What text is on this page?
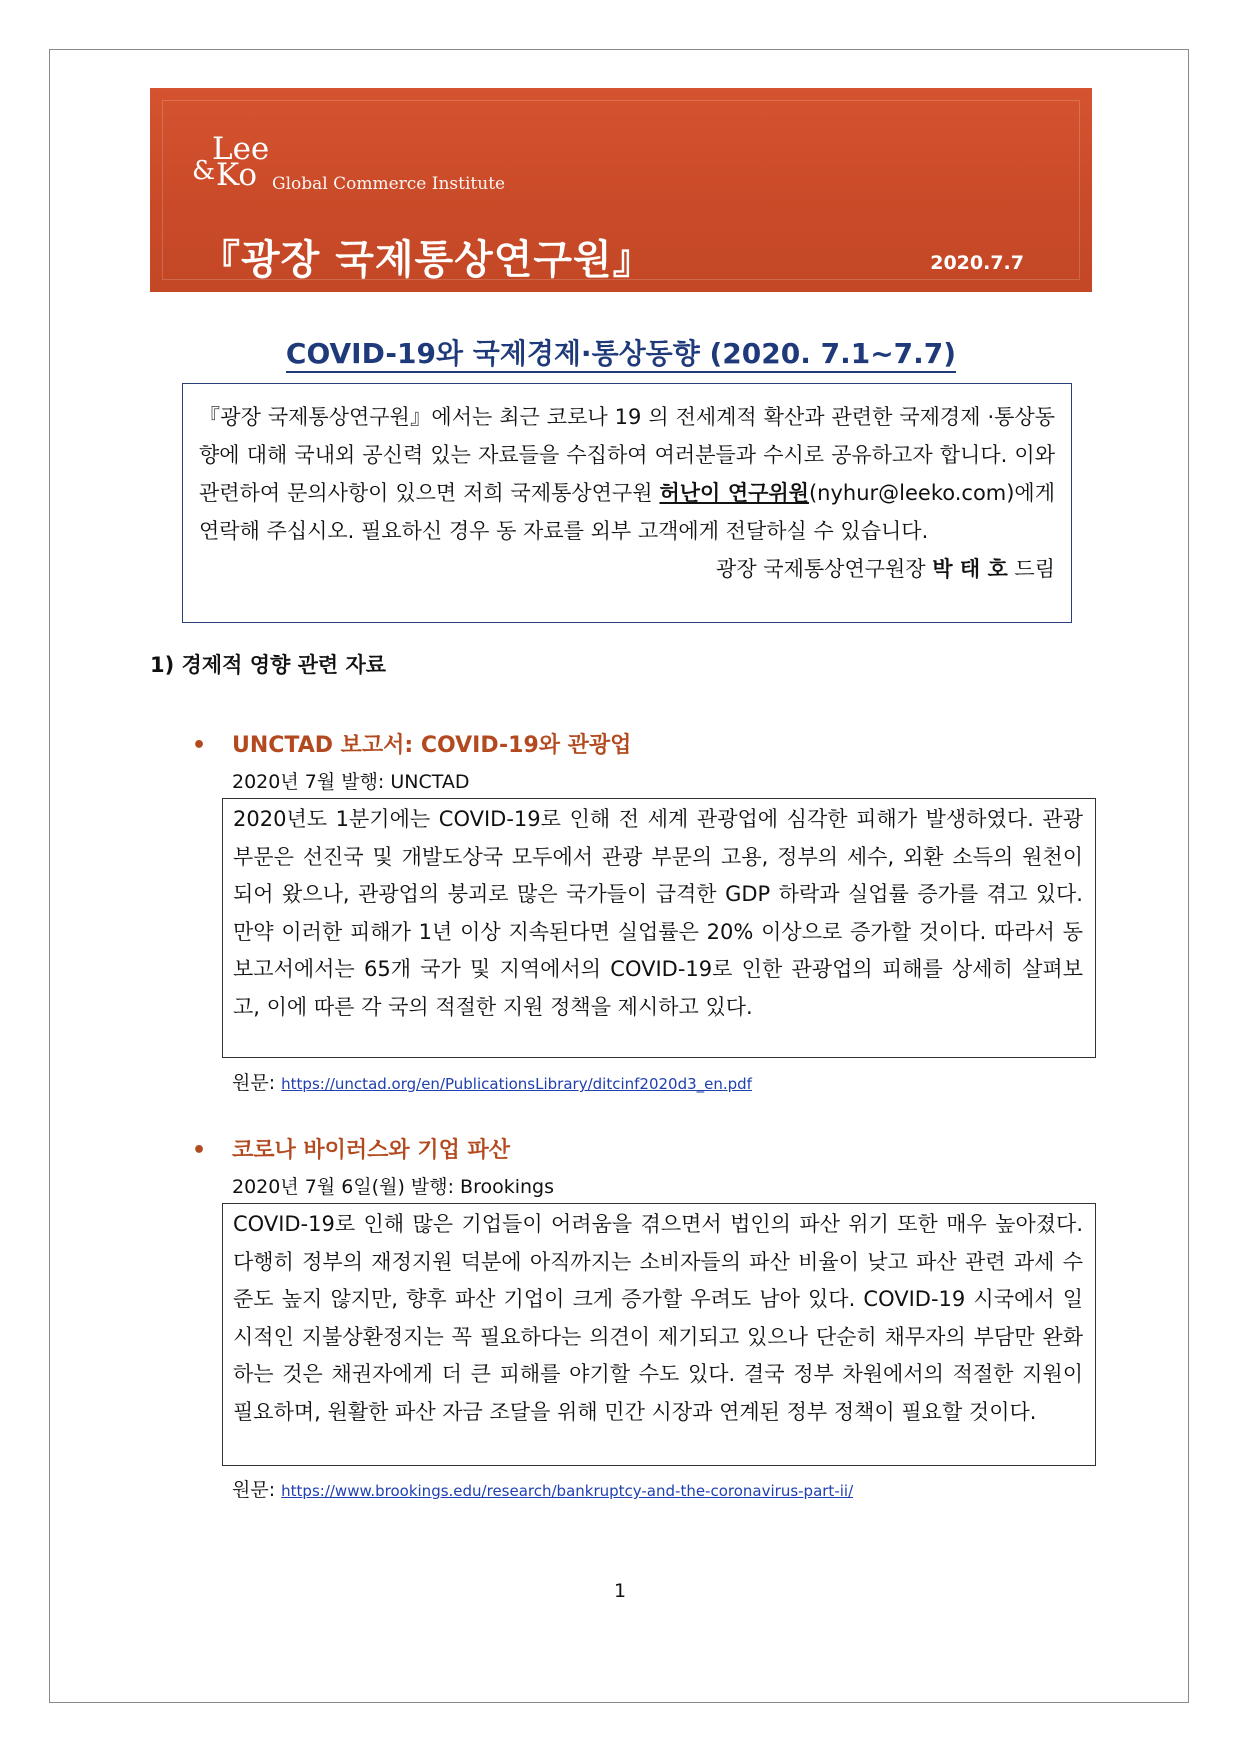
Lee
& Ko Global Commerce Institute
『광장 국제통상연구원』	2020.7.7
COVID-19와 국제경제·통상동향 (2020. 7.1~7.7)
『광장 국제통상연구원』에서는 최근 코로나 19 의 전세계적 확산과 관련한 국제경제 ·통상동향에 대해 국내외 공신력 있는 자료들을 수집하여 여러분들과 수시로 공유하고자 합니다. 이와 관련하여 문의사항이 있으면 저희 국제통상연구원 허난이 연구위원(nyhur@leeko.com)에게 연락해 주십시오. 필요하신 경우 동 자료를 외부 고객에게 전달하실 수 있습니다.
광장 국제통상연구원장 박 태 호 드림
1) 경제적 영향 관련 자료
• UNCTAD 보고서: COVID-19와 관광업
2020년 7월 발행: UNCTAD
2020년도 1분기에는 COVID-19로 인해 전 세계 관광업에 심각한 피해가 발생하였다. 관광 부문은 선진국 및 개발도상국 모두에서 관광 부문의 고용, 정부의 세수, 외환 소득의 원천이 되어 왔으나, 관광업의 붕괴로 많은 국가들이 급격한 GDP 하락과 실업률 증가를 겪고 있다. 만약 이러한 피해가 1년 이상 지속된다면 실업률은 20% 이상으로 증가할 것이다. 따라서 동 보고서에서는 65개 국가 및 지역에서의 COVID-19로 인한 관광업의 피해를 상세히 살펴보고, 이에 따른 각 국의 적절한 지원 정책을 제시하고 있다.
원문: https://unctad.org/en/PublicationsLibrary/ditcinf2020d3_en.pdf
• 코로나 바이러스와 기업 파산
2020년 7월 6일(월) 발행: Brookings
COVID-19로 인해 많은 기업들이 어려움을 겪으면서 법인의 파산 위기 또한 매우 높아졌다. 다행히 정부의 재정지원 덕분에 아직까지는 소비자들의 파산 비율이 낮고 파산 관련 과세 수준도 높지 않지만, 향후 파산 기업이 크게 증가할 우려도 남아 있다. COVID-19 시국에서 일시적인 지불상환정지는 꼭 필요하다는 의견이 제기되고 있으나 단순히 채무자의 부담만 완화하는 것은 채권자에게 더 큰 피해를 야기할 수도 있다. 결국 정부 차원에서의 적절한 지원이 필요하며, 원활한 파산 자금 조달을 위해 민간 시장과 연계된 정부 정책이 필요할 것이다.
원문: https://www.brookings.edu/research/bankruptcy-and-the-coronavirus-part-ii/
1
